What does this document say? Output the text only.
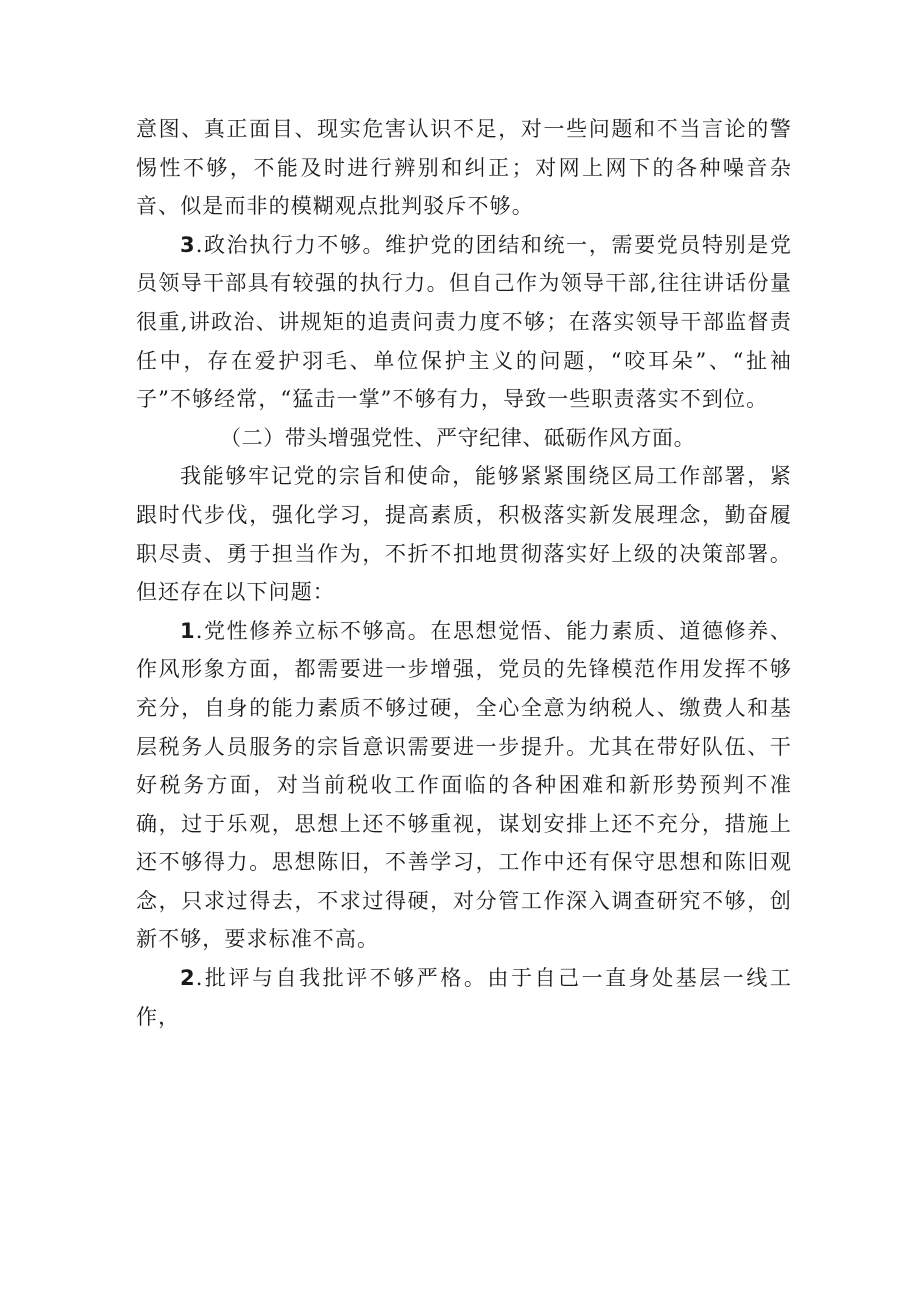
意图、真正面目、现实危害认识不足，对一些问题和不当言论的警惕性不够，不能及时进行辨别和纠正；对网上网下的各种噪音杂音、似是而非的模糊观点批判驳斥不够。

3.政治执行力不够。维护党的团结和统一，需要党员特别是党员领导干部具有较强的执行力。但自己作为领导干部,往往讲话份量很重,讲政治、讲规矩的追责问责力度不够；在落实领导干部监督责任中，存在爱护羽毛、单位保护主义的问题，“咬耳朵”、“扯袖子”不够经常，“猛击一掌”不够有力，导致一些职责落实不到位。

（二）带头增强党性、严守纪律、砥砺作风方面。

我能够牢记党的宗旨和使命，能够紧紧围绕区局工作部署，紧跟时代步伐，强化学习，提高素质，积极落实新发展理念，勤奋履职尽责、勇于担当作为，不折不扣地贯彻落实好上级的决策部署。但还存在以下问题：

1.党性修养立标不够高。在思想觉悟、能力素质、道德修养、作风形象方面，都需要进一步增强，党员的先锋模范作用发挥不够充分，自身的能力素质不够过硬，全心全意为纳税人、缴费人和基层税务人员服务的宗旨意识需要进一步提升。尤其在带好队伍、干好税务方面，对当前税收工作面临的各种困难和新形势预判不准确，过于乐观，思想上还不够重视，谋划安排上还不充分，措施上还不够得力。思想陈旧，不善学习，工作中还有保守思想和陈旧观念，只求过得去，不求过得硬，对分管工作深入调查研究不够，创新不够，要求标准不高。

2.批评与自我批评不够严格。由于自己一直身处基层一线工作，
